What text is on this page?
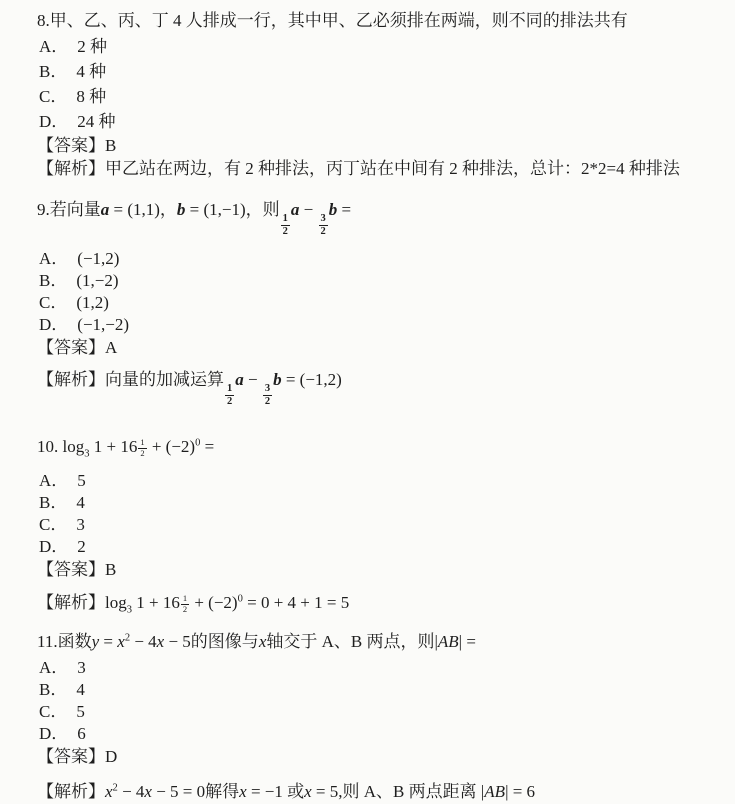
8.甲、乙、丙、丁 4 人排成一行，其中甲、乙必须排在两端，则不同的排法共有

A． 2 种

B． 4 种

C． 8 种

D． 24 种

【答案】B

【解析】甲乙站在两边，有 2 种排法，丙丁站在中间有 2 种排法，总计：2*2=4 种排法

9.若向量a = (1,1)，b = (1,−1)，则
$\frac{1}{2}$
a −
$\frac{3}{2}$
b =

A． (−1,2)

B． (1,−2)

C． (1,2)

D． (−1,−2)

【答案】A

【解析】向量的加减运算
$\frac{1}{2}$
a −
$\frac{3}{2}$
b = (−1,2)

10. $\log_3 1 + 16 \frac{1}{2} + (-2)^0$ =

A． 5

B． 4

C． 3

D． 2

【答案】B

【解析】$\log_3 1 + 16 \frac{1}{2} + (-2)^0 = 0 + 4 + 1 = 5$

11.函数$y = x^2 - 4x - 5$的图像与x轴交于 A、B 两点，则|AB| =

A． 3

B． 4

C． 5

D． 6

【答案】D

【解析】$x^2 - 4x - 5 = 0$解得x = −1 或x = 5,则 A、B 两点距离 |AB| = 6
